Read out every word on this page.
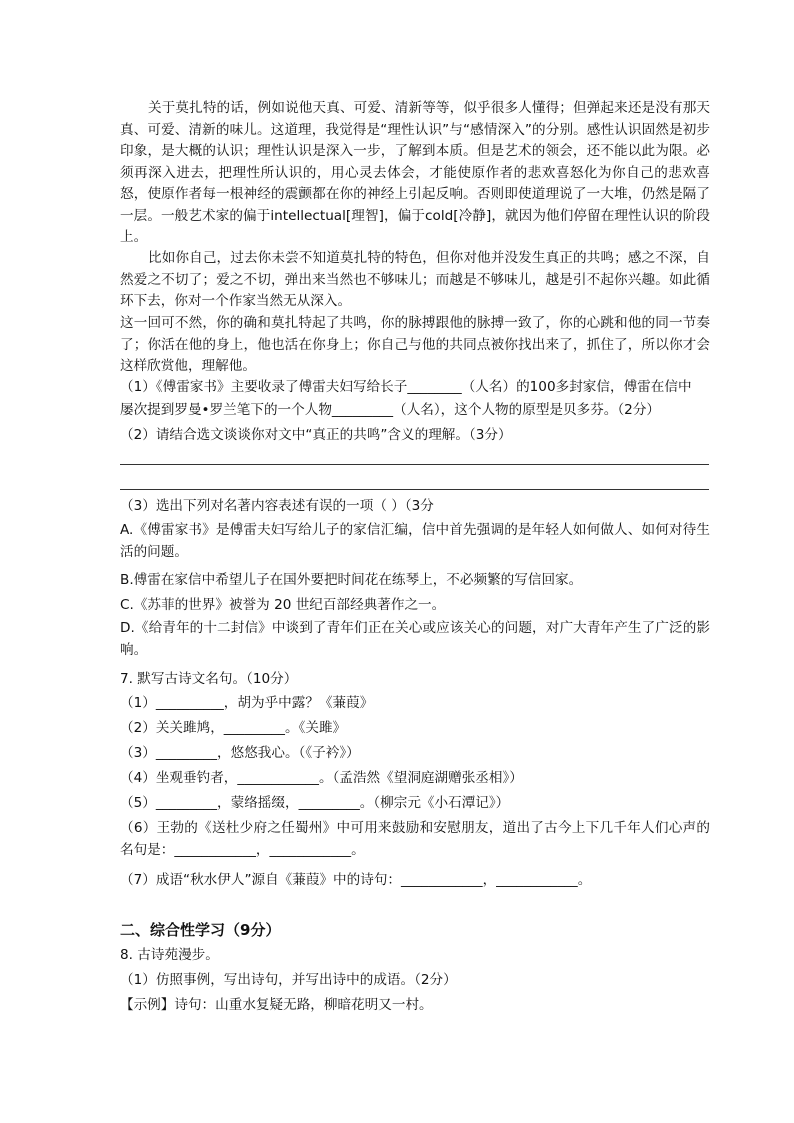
关于莫扎特的话，例如说他天真、可爱、清新等等，似乎很多人懂得；但弹起来还是没有那天真、可爱、清新的味儿。这道理，我觉得是“理性认识”与“感情深入”的分别。感性认识固然是初步印象，是大概的认识；理性认识是深入一步，了解到本质。但是艺术的领会，还不能以此为限。必须再深入进去，把理性所认识的，用心灵去体会，才能使原作者的悲欢喜怒化为你自己的悲欢喜怒，使原作者每一根神经的震颤都在你的神经上引起反响。否则即使道理说了一大堆，仍然是隔了一层。一般艺术家的偏于intellectual[理智]，偏于cold[冷静]，就因为他们停留在理性认识的阶段上。

比如你自己，过去你未尝不知道莫扎特的特色，但你对他并没发生真正的共鸣；感之不深，自然爱之不切了；爱之不切，弹出来当然也不够味儿；而越是不够味儿，越是引不起你兴趣。如此循环下去，你对一个作家当然无从深入。

这一回可不然，你的确和莫扎特起了共鸣，你的脉搏跟他的脉搏一致了，你的心跳和他的同一节奏了；你活在他的身上，他也活在你身上；你自己与他的共同点被你找出来了，抓住了，所以你才会这样欣赏他，理解他。

（1）《傅雷家书》主要收录了傅雷夫妇写给长子________（人名）的100多封家信，傅雷在信中

屡次提到罗曼•罗兰笔下的一个人物_________（人名），这个人物的原型是贝多芬。（2分）

（2）请结合选文谈谈你对文中“真正的共鸣”含义的理解。（3分）

（3）选出下列对名著内容表述有误的一项（ ）（3分

A.《傅雷家书》是傅雷夫妇写给儿子的家信汇编，信中首先强调的是年轻人如何做人、如何对待生活的问题。

B.傅雷在家信中希望儿子在国外要把时间花在练琴上，不必频繁的写信回家。

C.《苏菲的世界》被誉为 20 世纪百部经典著作之一。

D.《给青年的十二封信》中谈到了青年们正在关心或应该关心的问题，对广大青年产生了广泛的影响。

7. 默写古诗文名句。（10分）

（1）__________，胡为乎中露？《蒹葭》

（2）关关雎鸠，_________。《关雎》

（3）_________，悠悠我心。（《子衿》）

（4）坐观垂钓者，____________。（孟浩然《望洞庭湖赠张丞相》）

（5）_________，蒙络摇缀，_________。（柳宗元《小石潭记》）

（6）王勃的《送杜少府之任蜀州》中可用来鼓励和安慰朋友，道出了古今上下几千年人们心声的名句是：____________，____________。

（7）成语“秋水伊人”源自《蒹葭》中的诗句：____________，____________。

二、综合性学习（9分）

8. 古诗苑漫步。

（1）仿照事例，写出诗句，并写出诗中的成语。（2分）

【示例】诗句：山重水复疑无路，柳暗花明又一村。
